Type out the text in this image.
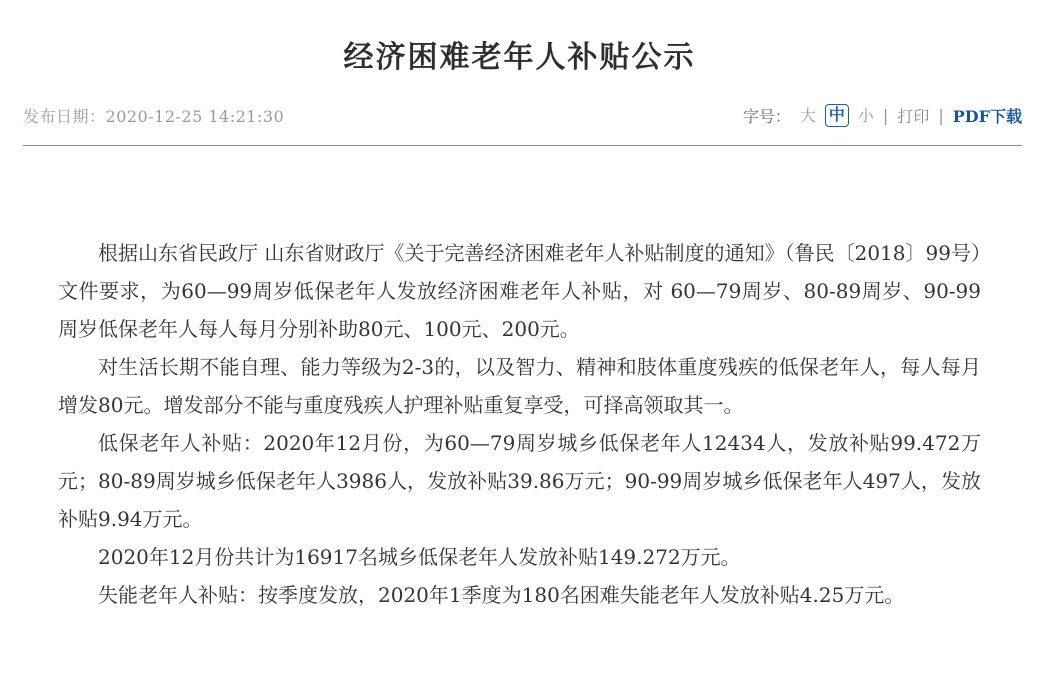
经济困难老年人补贴公示
发布日期：2020-12-25 14:21:30	字号： 大 中 小 | 打印 | PDF下载

根据山东省民政厅 山东省财政厅《关于完善经济困难老年人补贴制度的通知》（鲁民〔2018〕99号）文件要求，为60—99周岁低保老年人发放经济困难老年人补贴，对 60—79周岁、80-89周岁、90-99周岁低保老年人每人每月分别补助80元、100元、200元。

对生活长期不能自理、能力等级为2-3的，以及智力、精神和肢体重度残疾的低保老年人，每人每月增发80元。增发部分不能与重度残疾人护理补贴重复享受，可择高领取其一。

低保老年人补贴：2020年12月份，为60—79周岁城乡低保老年人12434人，发放补贴99.472万元；80-89周岁城乡低保老年人3986人，发放补贴39.86万元；90-99周岁城乡低保老年人497人，发放补贴9.94万元。

2020年12月份共计为16917名城乡低保老年人发放补贴149.272万元。

失能老年人补贴：按季度发放，2020年1季度为180名困难失能老年人发放补贴4.25万元。
